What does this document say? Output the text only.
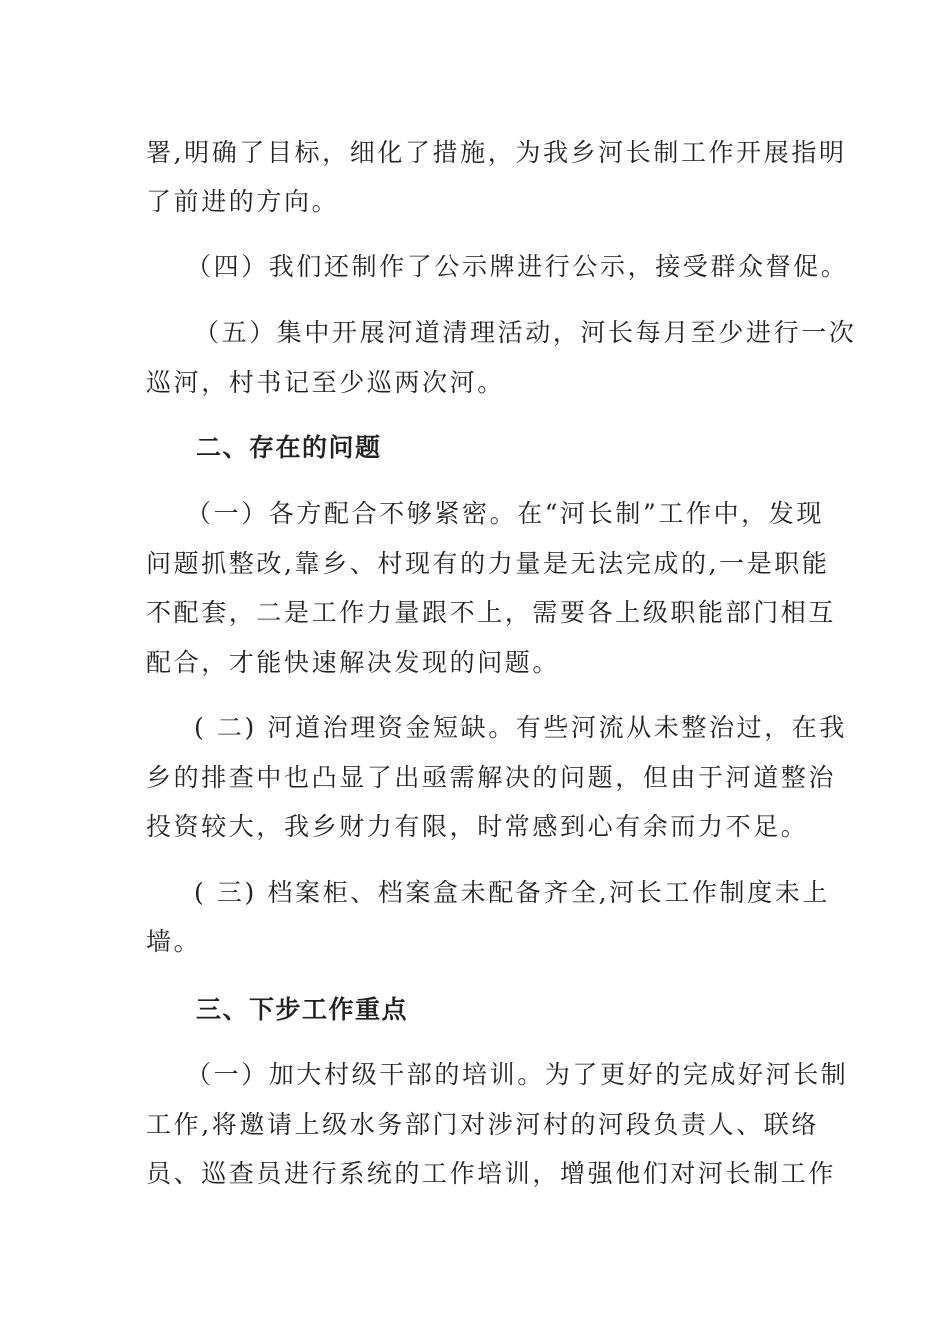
署,明确了目标，细化了措施，为我乡河长制工作开展指明
了前进的方向。
（四）我们还制作了公示牌进行公示，接受群众督促。
（五）集中开展河道清理活动，河长每月至少进行一次
巡河，村书记至少巡两次河。
二、存在的问题
（一）各方配合不够紧密。在“河长制”工作中，发现
问题抓整改,靠乡、村现有的力量是无法完成的,一是职能
不配套，二是工作力量跟不上，需要各上级职能部门相互
配合，才能快速解决发现的问题。
( 二) 河道治理资金短缺。有些河流从未整治过，在我
乡的排查中也凸显了出亟需解决的问题，但由于河道整治
投资较大，我乡财力有限，时常感到心有余而力不足。
( 三) 档案柜、档案盒未配备齐全,河长工作制度未上
墙。
三、下步工作重点
（一）加大村级干部的培训。为了更好的完成好河长制
工作,将邀请上级水务部门对涉河村的河段负责人、联络
员、巡查员进行系统的工作培训，增强他们对河长制工作
